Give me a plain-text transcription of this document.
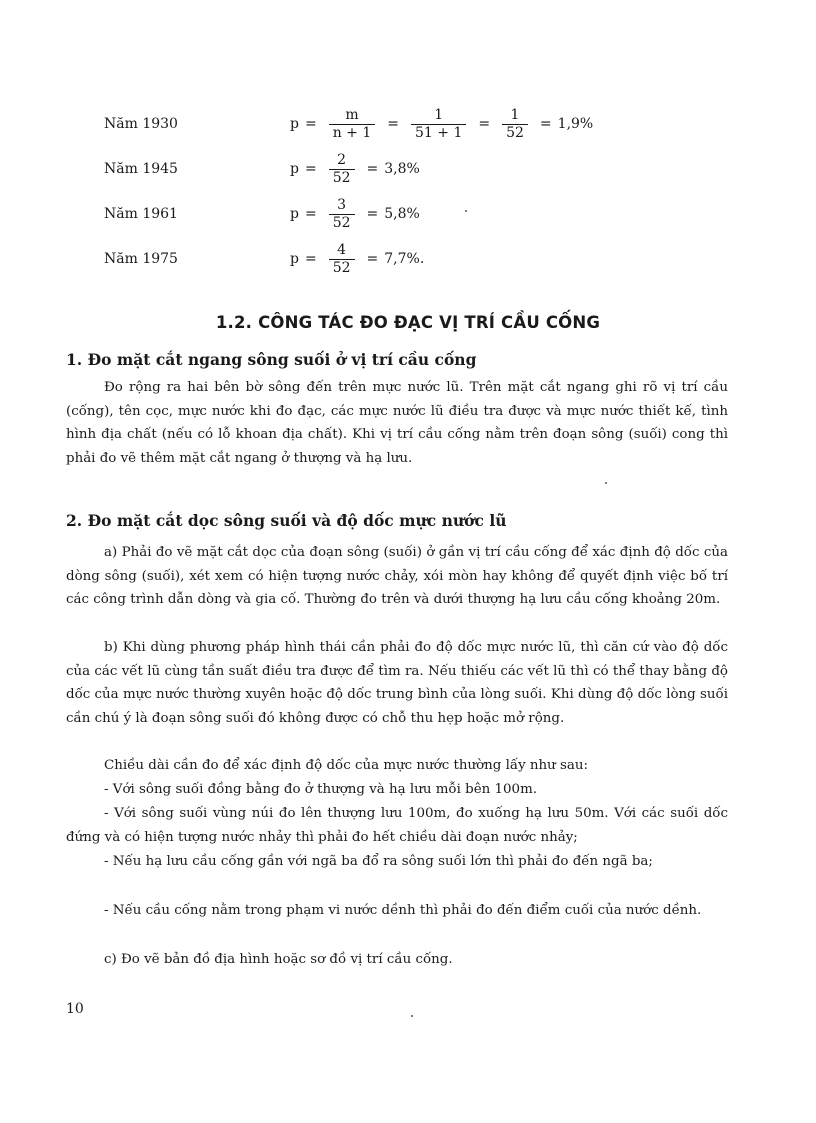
Năm 1930	$p = \frac{m}{n + 1} = \frac{1}{51 + 1} = \frac{1}{52} = 1,9\%$
Năm 1945	$p = \frac{2}{52} = 3,8\%$
Năm 1961	$p = \frac{3}{52} = 5,8\%$
Năm 1975	$p = \frac{4}{52} = 7,7\%$.
1.2. CÔNG TÁC ĐO ĐẠC VỊ TRÍ CẦU CỐNG
1. Đo mặt cắt ngang sông suối ở vị trí cầu cống

Đo rộng ra hai bên bờ sông đến trên mực nước lũ. Trên mặt cắt ngang ghi rõ vị trí cầu (cống), tên cọc, mực nước khi đo đạc, các mực nước lũ điều tra được và mực nước thiết kế, tình hình địa chất (nếu có lỗ khoan địa chất). Khi vị trí cầu cống nằm trên đoạn sông (suối) cong thì phải đo vẽ thêm mặt cắt ngang ở thượng và hạ lưu.

2. Đo mặt cắt dọc sông suối và độ dốc mực nước lũ

a) Phải đo vẽ mặt cắt dọc của đoạn sông (suối) ở gần vị trí cầu cống để xác định độ dốc của dòng sông (suối), xét xem có hiện tượng nước chảy, xói mòn hay không để quyết định việc bố trí các công trình dẫn dòng và gia cố. Thường đo trên và dưới thượng hạ lưu cầu cống khoảng 20m.

b) Khi dùng phương pháp hình thái cần phải đo độ dốc mực nước lũ, thì căn cứ vào độ dốc của các vết lũ cùng tần suất điều tra được để tìm ra. Nếu thiếu các vết lũ thì có thể thay bằng độ dốc của mực nước thường xuyên hoặc độ dốc trung bình của lòng suối. Khi dùng độ dốc lòng suối cần chú ý là đoạn sông suối đó không được có chỗ thu hẹp hoặc mở rộng.

Chiều dài cần đo để xác định độ dốc của mực nước thường lấy như sau:

- Với sông suối đồng bằng đo ở thượng và hạ lưu mỗi bên 100m.

- Với sông suối vùng núi đo lên thượng lưu 100m, đo xuống hạ lưu 50m. Với các suối dốc đứng và có hiện tượng nước nhảy thì phải đo hết chiều dài đoạn nước nhảy;

- Nếu hạ lưu cầu cống gần với ngã ba đổ ra sông suối lớn thì phải đo đến ngã ba;

- Nếu cầu cống nằm trong phạm vi nước dềnh thì phải đo đến điểm cuối của nước dềnh.

c) Đo vẽ bản đồ địa hình hoặc sơ đồ vị trí cầu cống.

10
